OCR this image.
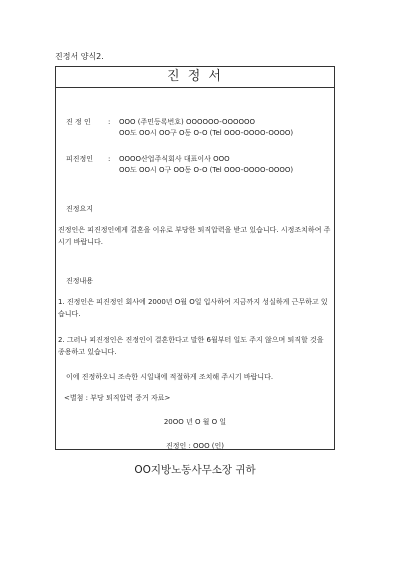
진정서 양식2.
진 정 서
진 정 인 : OOO (주민등록번호) OOOOOO-OOOOOO
OO도 OO시 OO구 O동 O-O (Tel OOO-OOOO-OOOO)
피진정인 : OOOO산업주식회사 대표이사 OOO
OO도 OO시 O구 OO동 O-O (Tel OOO-OOOO-OOOO)
진정요지
진정인은 피진정인에게 결혼을 이유로 부당한 퇴직압력을 받고 있습니다. 시정조치하여 주시기 바랍니다.
진정내용
1. 진정인은 피진정인 회사에 2000년 O월 O일 입사하여 지금까지 성실하게 근무하고 있습니다.
2. 그러나 피진정인은 진정인이 결혼한다고 말한 6월부터 일도 주지 않으며 퇴직할 것을 종용하고 있습니다.
이에 진정하오니 조속한 시일내에 적절하게 조치해 주시기 바랍니다.
<별첨 : 부당 퇴직압력 증거 자료>
20OO 년 O 월 O 일
진정인 : OOO (인)
OO지방노동사무소장 귀하
